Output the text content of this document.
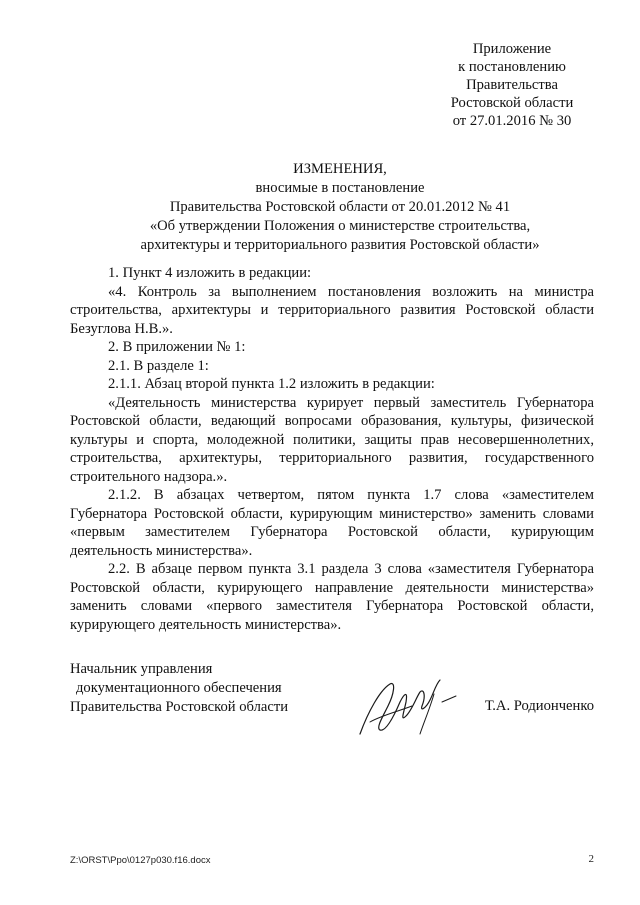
Приложение
к постановлению
Правительства
Ростовской области
от 27.01.2016 № 30
ИЗМЕНЕНИЯ,
вносимые в постановление
Правительства Ростовской области от 20.01.2012 № 41
«Об утверждении Положения о министерстве строительства,
архитектуры и территориального развития Ростовской области»

1. Пункт 4 изложить в редакции:

«4. Контроль за выполнением постановления возложить на министра строительства, архитектуры и территориального развития Ростовской области Безуглова Н.В.».

2. В приложении № 1:

2.1. В разделе 1:

2.1.1. Абзац второй пункта 1.2 изложить в редакции:

«Деятельность министерства курирует первый заместитель Губернатора Ростовской области, ведающий вопросами образования, культуры, физической культуры и спорта, молодежной политики, защиты прав несовершеннолетних, строительства, архитектуры, территориального развития, государственного строительного надзора.».

2.1.2. В абзацах четвертом, пятом пункта 1.7 слова «заместителем Губернатора Ростовской области, курирующим министерство» заменить словами «первым заместителем Губернатора Ростовской области, курирующим деятельность министерства».

2.2. В абзаце первом пункта 3.1 раздела 3 слова «заместителя Губернатора Ростовской области, курирующего направление деятельности министерства» заменить словами «первого заместителя Губернатора Ростовской области, курирующего деятельность министерства».

Начальник управления
документационного обеспечения
Правительства Ростовской области	Т.А. Родионченко
Z:\ORST\Ppo\0127p030.f16.docx	2
